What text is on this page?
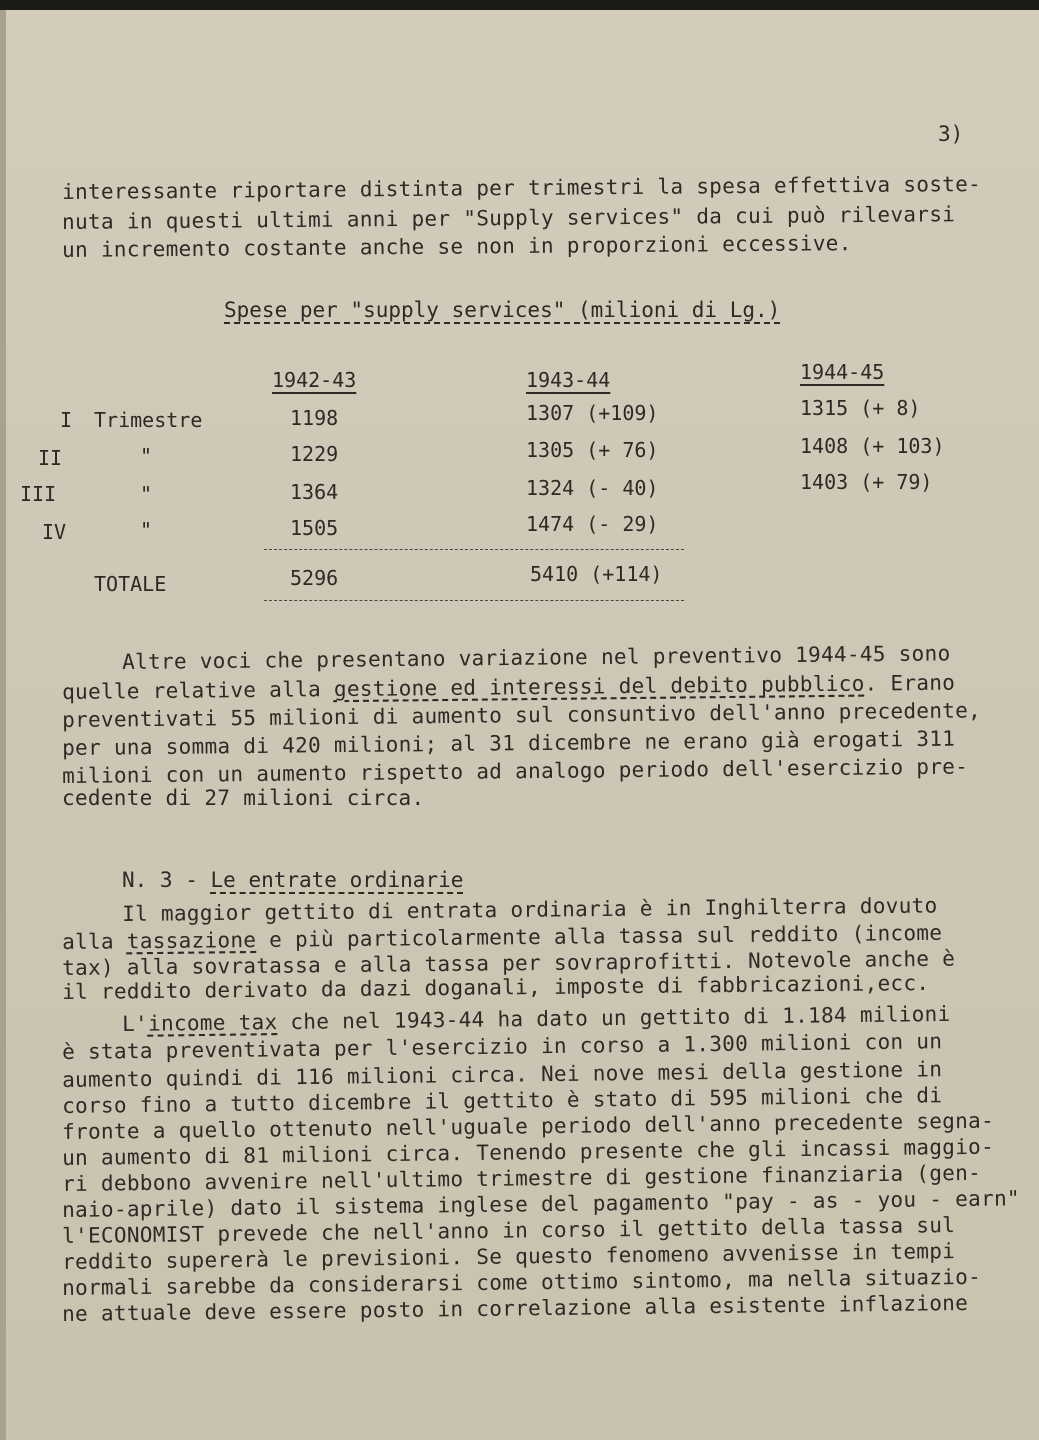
3)
interessante riportare distinta per trimestri la spesa effettiva soste-
nuta in questi ultimi anni per "Supply services" da cui può rilevarsi
un incremento costante anche se non in proporzioni eccessive.
Spese per "supply services" (milioni di Lg.)
1942-43	1943-44	1944-45
I Trimestre	1198	1307 (+109)	1315 (+ 8)
II	"	1229	1305 (+ 76)	1408 (+ 103)
III	"	1364	1324 (- 40)	1403 (+ 79)
IV	"	1505	1474 (- 29)
TOTALE	5296	5410 (+114)
Altre voci che presentano variazione nel preventivo 1944-45 sono
quelle relative alla gestione ed interessi del debito pubblico. Erano
preventivati 55 milioni di aumento sul consuntivo dell'anno precedente,
per una somma di 420 milioni; al 31 dicembre ne erano già erogati 311
milioni con un aumento rispetto ad analogo periodo dell'esercizio pre-
cedente di 27 milioni circa.
N. 3 - Le entrate ordinarie
Il maggior gettito di entrata ordinaria è in Inghilterra dovuto
alla tassazione e più particolarmente alla tassa sul reddito (income
tax) alla sovratassa e alla tassa per sovraprofitti. Notevole anche è
il reddito derivato da dazi doganali, imposte di fabbricazioni,ecc.
L'income tax che nel 1943-44 ha dato un gettito di 1.184 milioni
è stata preventivata per l'esercizio in corso a 1.300 milioni con un
aumento quindi di 116 milioni circa. Nei nove mesi della gestione in
corso fino a tutto dicembre il gettito è stato di 595 milioni che di
fronte a quello ottenuto nell'uguale periodo dell'anno precedente segna-
un aumento di 81 milioni circa. Tenendo presente che gli incassi maggio-
ri debbono avvenire nell'ultimo trimestre di gestione finanziaria (gen-
naio-aprile) dato il sistema inglese del pagamento "pay - as - you - earn"
l'ECONOMIST prevede che nell'anno in corso il gettito della tassa sul
reddito supererà le previsioni. Se questo fenomeno avvenisse in tempi
normali sarebbe da considerarsi come ottimo sintomo, ma nella situazio-
ne attuale deve essere posto in correlazione alla esistente inflazione
